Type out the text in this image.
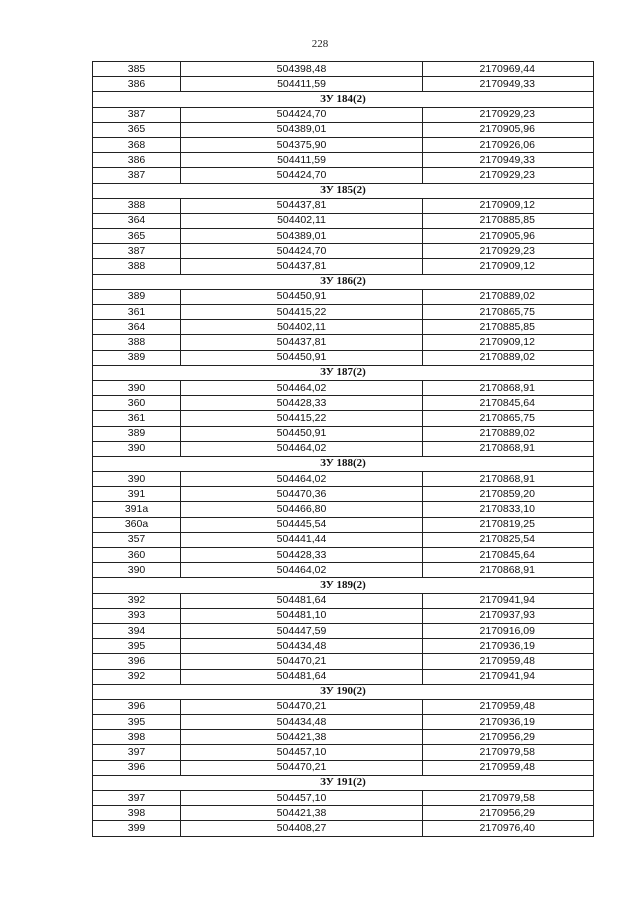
228
385	504398,48	2170969,44
386	504411,59	2170949,33
ЗУ 184(2)		
387	504424,70	2170929,23
365	504389,01	2170905,96
368	504375,90	2170926,06
386	504411,59	2170949,33
387	504424,70	2170929,23
ЗУ 185(2)		
388	504437,81	2170909,12
364	504402,11	2170885,85
365	504389,01	2170905,96
387	504424,70	2170929,23
388	504437,81	2170909,12
ЗУ 186(2)		
389	504450,91	2170889,02
361	504415,22	2170865,75
364	504402,11	2170885,85
388	504437,81	2170909,12
389	504450,91	2170889,02
ЗУ 187(2)		
390	504464,02	2170868,91
360	504428,33	2170845,64
361	504415,22	2170865,75
389	504450,91	2170889,02
390	504464,02	2170868,91
ЗУ 188(2)		
390	504464,02	2170868,91
391	504470,36	2170859,20
391а	504466,80	2170833,10
360а	504445,54	2170819,25
357	504441,44	2170825,54
360	504428,33	2170845,64
390	504464,02	2170868,91
ЗУ 189(2)		
392	504481,64	2170941,94
393	504481,10	2170937,93
394	504447,59	2170916,09
395	504434,48	2170936,19
396	504470,21	2170959,48
392	504481,64	2170941,94
ЗУ 190(2)		
396	504470,21	2170959,48
395	504434,48	2170936,19
398	504421,38	2170956,29
397	504457,10	2170979,58
396	504470,21	2170959,48
ЗУ 191(2)		
397	504457,10	2170979,58
398	504421,38	2170956,29
399	504408,27	2170976,40
